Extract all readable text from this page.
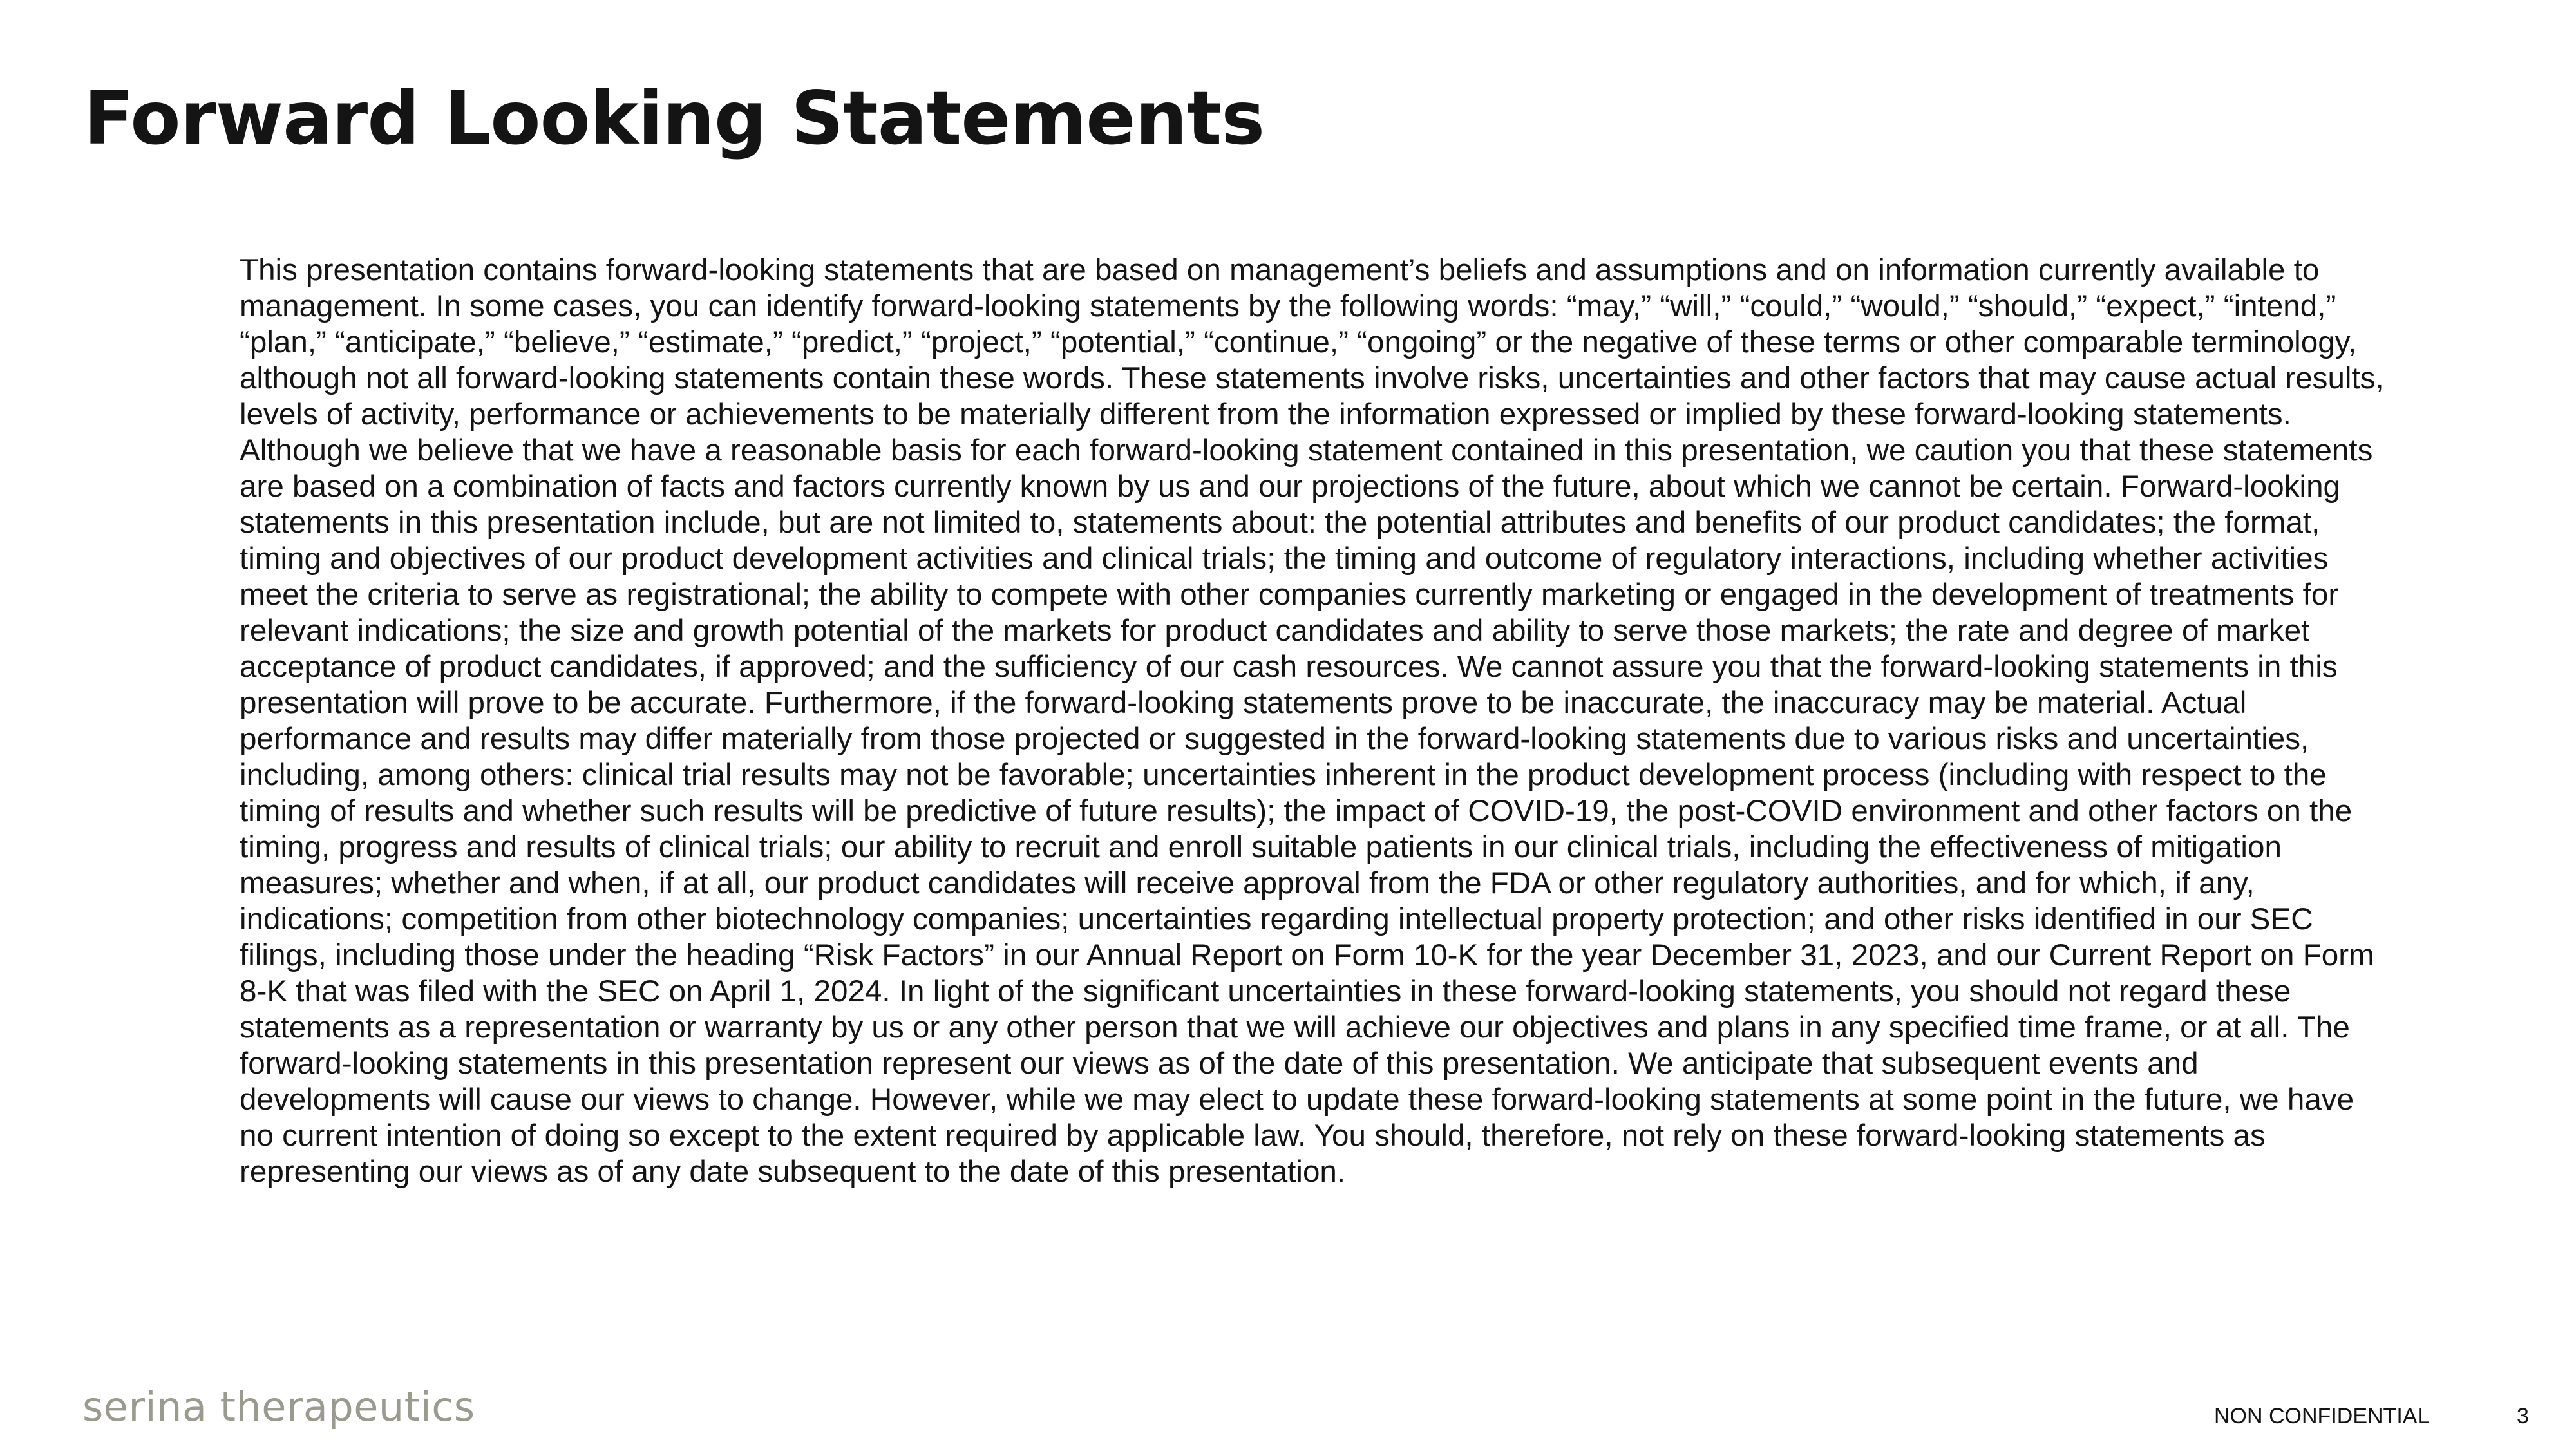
Forward Looking Statements

This presentation contains forward-looking statements that are based on management’s beliefs and assumptions and on information currently available to management. In some cases, you can identify forward-looking statements by the following words: “may,” “will,” “could,” “would,” “should,” “expect,” “intend,” “plan,” “anticipate,” “believe,” “estimate,” “predict,” “project,” “potential,” “continue,” “ongoing” or the negative of these terms or other comparable terminology, although not all forward-looking statements contain these words. These statements involve risks, uncertainties and other factors that may cause actual results, levels of activity, performance or achievements to be materially different from the information expressed or implied by these forward-looking statements. Although we believe that we have a reasonable basis for each forward-looking statement contained in this presentation, we caution you that these statements are based on a combination of facts and factors currently known by us and our projections of the future, about which we cannot be certain. Forward-looking statements in this presentation include, but are not limited to, statements about: the potential attributes and benefits of our product candidates; the format, timing and objectives of our product development activities and clinical trials; the timing and outcome of regulatory interactions, including whether activities meet the criteria to serve as registrational; the ability to compete with other companies currently marketing or engaged in the development of treatments for relevant indications; the size and growth potential of the markets for product candidates and ability to serve those markets; the rate and degree of market acceptance of product candidates, if approved; and the sufficiency of our cash resources. We cannot assure you that the forward-looking statements in this presentation will prove to be accurate. Furthermore, if the forward-looking statements prove to be inaccurate, the inaccuracy may be material. Actual performance and results may differ materially from those projected or suggested in the forward-looking statements due to various risks and uncertainties, including, among others: clinical trial results may not be favorable; uncertainties inherent in the product development process (including with respect to the timing of results and whether such results will be predictive of future results); the impact of COVID-19, the post-COVID environment and other factors on the timing, progress and results of clinical trials; our ability to recruit and enroll suitable patients in our clinical trials, including the effectiveness of mitigation measures; whether and when, if at all, our product candidates will receive approval from the FDA or other regulatory authorities, and for which, if any, indications; competition from other biotechnology companies; uncertainties regarding intellectual property protection; and other risks identified in our SEC filings, including those under the heading “Risk Factors” in our Annual Report on Form 10-K for the year December 31, 2023, and our Current Report on Form 8-K that was filed with the SEC on April 1, 2024. In light of the significant uncertainties in these forward-looking statements, you should not regard these statements as a representation or warranty by us or any other person that we will achieve our objectives and plans in any specified time frame, or at all. The forward-looking statements in this presentation represent our views as of the date of this presentation. We anticipate that subsequent events and developments will cause our views to change. However, while we may elect to update these forward-looking statements at some point in the future, we have no current intention of doing so except to the extent required by applicable law. You should, therefore, not rely on these forward-looking statements as representing our views as of any date subsequent to the date of this presentation.

serina therapeutics	NON CONFIDENTIAL	3
